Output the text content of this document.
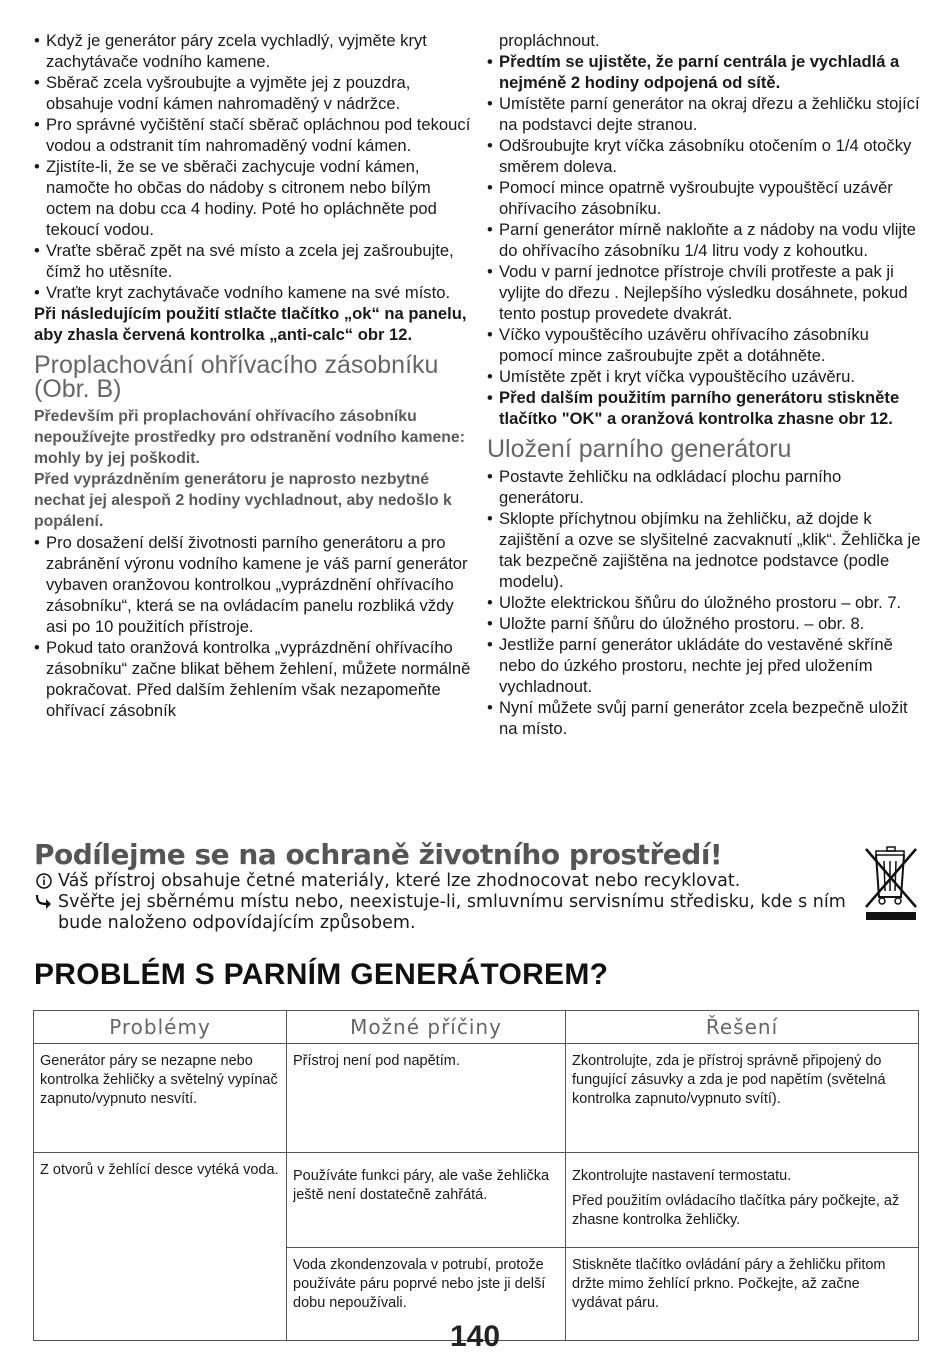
• Když je generátor páry zcela vychladlý, vyjměte kryt zachytávače vodního kamene.
• Sběrač zcela vyšroubujte a vyjměte jej z pouzdra, obsahuje vodní kámen nahromaděný v nádržce.
• Pro správné vyčištění stačí sběrač opláchnou pod tekoucí vodou a odstranit tím nahromaděný vodní kámen.
• Zjistíte-li, že se ve sběrači zachycuje vodní kámen, namočte ho občas do nádoby s citronem nebo bílým octem na dobu cca 4 hodiny. Poté ho opláchněte pod tekoucí vodou.
• Vraťte sběrač zpět na své místo a zcela jej zašroubujte, čímž ho utěsníte.
• Vraťte kryt zachytávače vodního kamene na své místo.

Při následujícím použití stlačte tlačítko „ok“ na panelu, aby zhasla červená kontrolka „anti-calc“ obr 12.

Proplachování ohřívacího zásobníku (Obr. B)

Především při proplachování ohřívacího zásobníku nepoužívejte prostředky pro odstranění vodního kamene: mohly by jej poškodit.

Před vyprázdněním generátoru je naprosto nezbytné nechat jej alespoň 2 hodiny vychladnout, aby nedošlo k popálení.

• Pro dosažení delší životnosti parního generátoru a pro zabránění výronu vodního kamene je váš parní generátor vybaven oranžovou kontrolkou „vyprázdnění ohřívacího zásobníku“, která se na ovládacím panelu rozbliká vždy asi po 10 použitích přístroje.
• Pokud tato oranžová kontrolka „vyprázdnění ohřívacího zásobníku“ začne blikat během žehlení, můžete normálně pokračovat. Před dalším žehlením však nezapomeňte ohřívací zásobník
propláchnout.
• Předtím se ujistěte, že parní centrála je vychladlá a nejméně 2 hodiny odpojená od sítě.
• Umístěte parní generátor na okraj dřezu a žehličku stojící na podstavci dejte stranou.
• Odšroubujte kryt víčka zásobníku otočením o 1/4 otočky směrem doleva.
• Pomocí mince opatrně vyšroubujte vypouštěcí uzávěr ohřívacího zásobníku.
• Parní generátor mírně nakloňte a z nádoby na vodu vlijte do ohřívacího zásobníku 1/4 litru vody z kohoutku.
• Vodu v parní jednotce přístroje chvíli protřeste a pak ji vylijte do dřezu . Nejlepšího výsledku dosáhnete, pokud tento postup provedete dvakrát.
• Víčko vypouštěcího uzávěru ohřívacího zásobníku pomocí mince zašroubujte zpět a dotáhněte.
• Umístěte zpět i kryt víčka vypouštěcího uzávěru.
• Před dalším použitím parního generátoru stiskněte tlačítko "OK" a oranžová kontrolka zhasne obr 12.
Uložení parního generátoru
• Postavte žehličku na odkládací plochu parního generátoru.
• Sklopte příchytnou objímku na žehličku, až dojde k zajištění a ozve se slyšitelné zacvaknutí „klik“. Žehlička je tak bezpečně zajištěna na jednotce podstavce (podle modelu).
• Uložte elektrickou šňůru do úložného prostoru – obr. 7.
• Uložte parní šňůru do úložného prostoru. – obr. 8.
• Jestliže parní generátor ukládáte do vestavěné skříně nebo do úzkého prostoru, nechte jej před uložením vychladnout.
• Nyní můžete svůj parní generátor zcela bezpečně uložit na místo.
Podílejme se na ochraně životního prostředí!
Váš přístroj obsahuje četné materiály, které lze zhodnocovat nebo recyklovat.
Svěřte jej sběrnému místu nebo, neexistuje-li, smluvnímu servisnímu středisku, kde s ním bude naloženo odpovídajícím způsobem.
PROBLÉM S PARNÍM GENERÁTOREM?
Problémy	Možné příčiny	Řešení
Generátor páry se nezapne nebo kontrolka žehličky a světelný vypínač zapnuto/vypnuto nesvítí.	Přístroj není pod napětím.	Zkontrolujte, zda je přístroj správně připojený do fungující zásuvky a zda je pod napětím (světelná kontrolka zapnuto/vypnuto svítí).

Z otvorů v žehlící desce vytéká voda.	Používáte funkci páry, ale vaše žehlička ještě není dostatečně zahřátá.	Zkontrolujte nastavení termostatu.
Před použitím ovládacího tlačítka páry počkejte, až zhasne kontrolka žehličky.

	Voda zkondenzovala v potrubí, protože používáte páru poprvé nebo jste ji delší dobu nepoužívali.	Stiskněte tlačítko ovládání páry a žehličku přitom držte mimo žehlící prkno. Počkejte, až začne vydávat páru.
140
